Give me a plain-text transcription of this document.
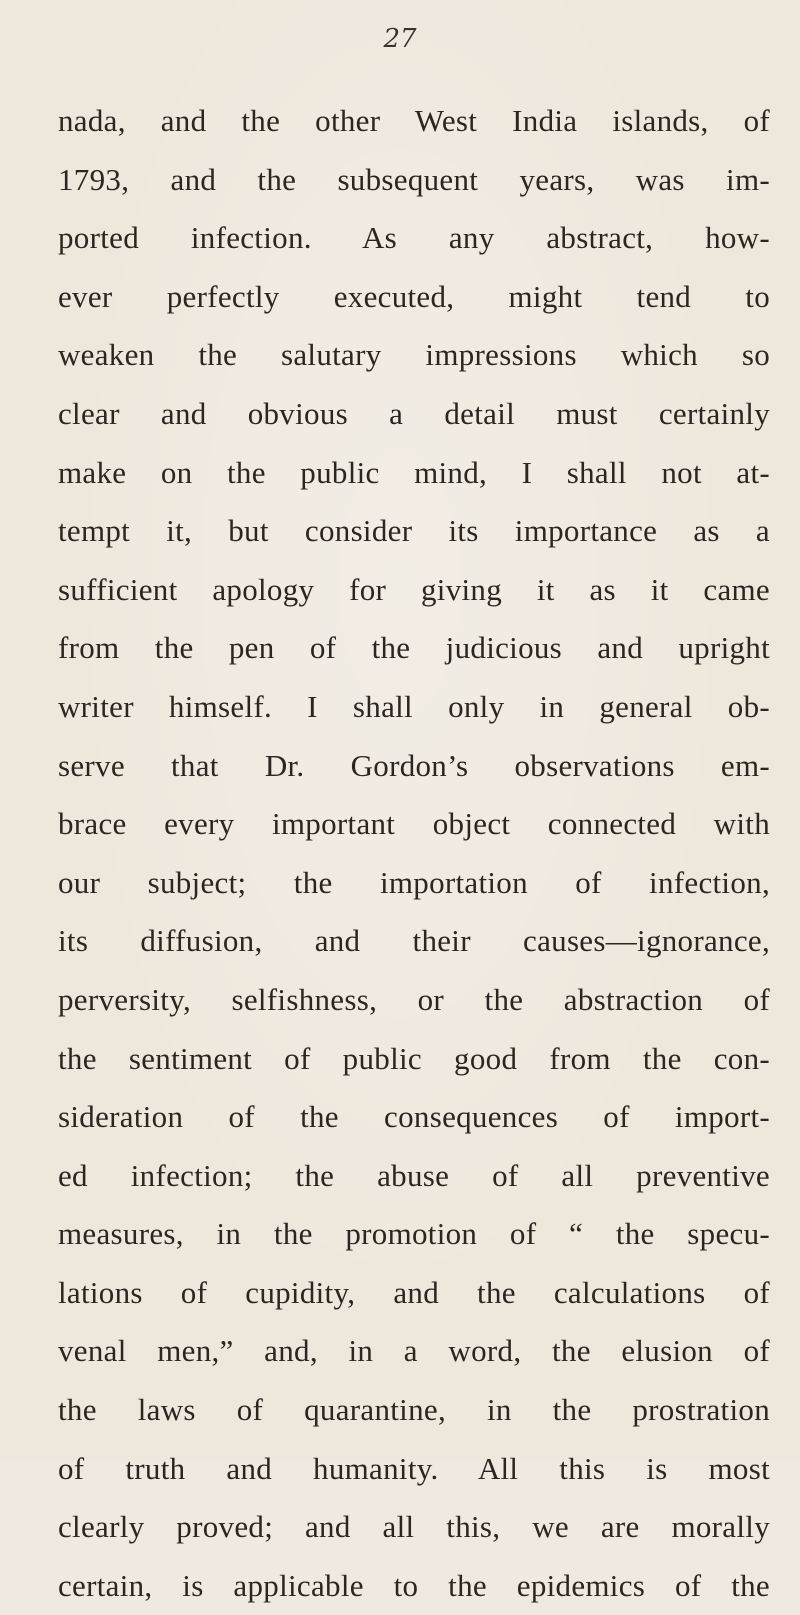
27
nada, and the other West India islands, of
1793, and the subsequent years, was im-
ported infection. As any abstract, how-
ever perfectly executed, might tend to
weaken the salutary impressions which so
clear and obvious a detail must certainly
make on the public mind, I shall not at-
tempt it, but consider its importance as a
sufficient apology for giving it as it came
from the pen of the judicious and upright
writer himself. I shall only in general ob-
serve that Dr. Gordon’s observations em-
brace every important object connected with
our subject; the importation of infection,
its diffusion, and their causes—ignorance,
perversity, selfishness, or the abstraction of
the sentiment of public good from the con-
sideration of the consequences of import-
ed infection; the abuse of all preventive
measures, in the promotion of “ the specu-
lations of cupidity, and the calculations of
venal men,” and, in a word, the elusion of
the laws of quarantine, in the prostration
of truth and humanity. All this is most
clearly proved; and all this, we are morally
certain, is applicable to the epidemics of the
